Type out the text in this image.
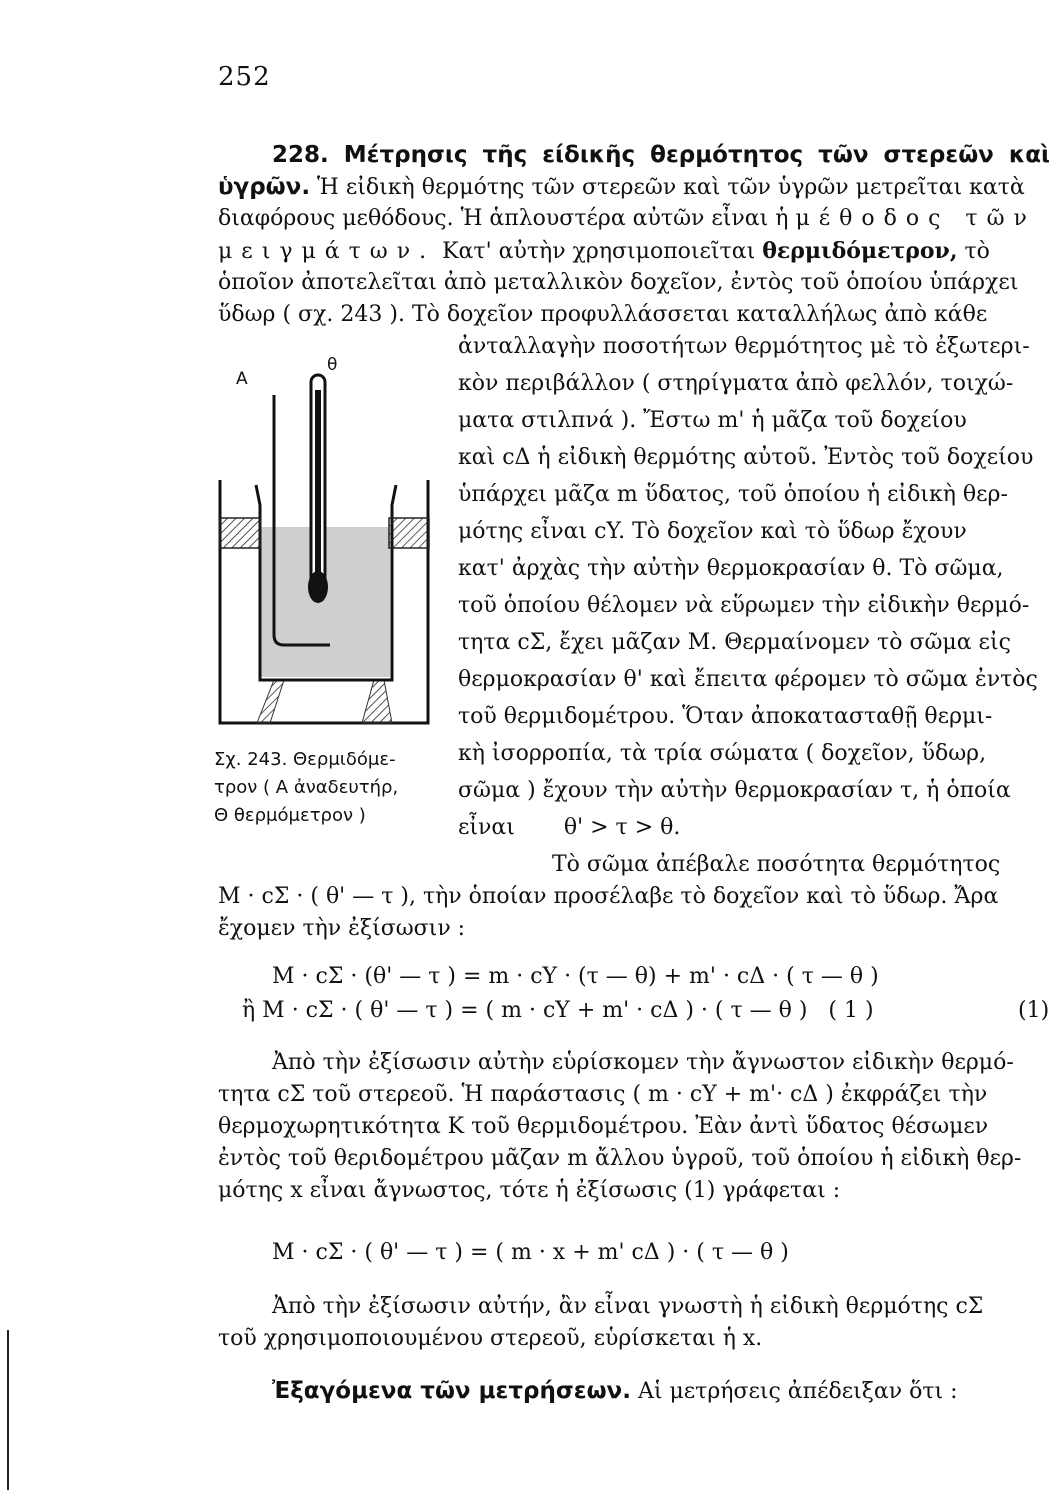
252
228. Μέτρησις τῆς είδικῆς θερμότητος τῶν στερεῶν καὶ
ὑγρῶν. Ἡ εἰδικὴ θερμότης τῶν στερεῶν καὶ τῶν ὑγρῶν μετρεῖται κατὰ
διαφόρους μεθόδους. Ἡ ἁπλουστέρα αὐτῶν εἶναι ἡ μέθοδος τῶν
μειγμάτων. Κατ' αὐτὴν χρησιμοποιεῖται θερμιδόμετρον, τὸ
ὁποῖον ἀποτελεῖται ἀπὸ μεταλλικὸν δοχεῖον, ἐντὸς τοῦ ὁποίου ὑπάρχει
ὕδωρ ( σχ. 243 ). Τὸ δοχεῖον προφυλλάσσεται καταλλήλως ἀπὸ κάθε
A
θ
Σχ. 243. Θερμιδόμε-
τρον ( Α ἀναδευτήρ,
Θ θερμόμετρον )
ἀνταλλαγὴν ποσοτήτων θερμότητος μὲ τὸ ἐξωτερι-
κὸν περιβάλλον ( στηρίγματα ἀπὸ φελλόν, τοιχώ-
ματα στιλπνά ). Ἔστω m' ἡ μᾶζα τοῦ δοχείου
καὶ cΔ ἡ εἰδικὴ θερμότης αὐτοῦ. Ἐντὸς τοῦ δοχείου
ὑπάρχει μᾶζα m ὕδατος, τοῦ ὁποίου ἡ εἰδικὴ θερ-
μότης εἶναι cY. Τὸ δοχεῖον καὶ τὸ ὕδωρ ἔχουν
κατ' ἀρχὰς τὴν αὐτὴν θερμοκρασίαν θ. Τὸ σῶμα,
τοῦ ὁποίου θέλομεν νὰ εὕρωμεν τὴν εἰδικὴν θερμό-
τητα cΣ, ἔχει μᾶζαν M. Θερμαίνομεν τὸ σῶμα εἰς
θερμοκρασίαν θ' καὶ ἔπειτα φέρομεν τὸ σῶμα ἐντὸς
τοῦ θερμιδομέτρου. Ὅταν ἀποκατασταθῇ θερμι-
κὴ ἰσορροπία, τὰ τρία σώματα ( δοχεῖον, ὕδωρ,
σῶμα ) ἔχουν τὴν αὐτὴν θερμοκρασίαν τ, ἡ ὁποία
εἶναι       θ' > τ > θ.
Τὸ σῶμα ἀπέβαλε ποσότητα θερμότητος
M · cΣ · ( θ' — τ ), τὴν ὁποίαν προσέλαβε τὸ δοχεῖον καὶ τὸ ὕδωρ. Ἄρα
ἔχομεν τὴν ἐξίσωσιν :
M · cΣ · (θ' — τ ) = m · cY · (τ — θ) + m' · cΔ · ( τ — θ )
ἢ M · cΣ · ( θ' — τ ) = ( m · cY + m' · cΔ ) · ( τ — θ )   ( 1 )	(1)
Ἀπὸ τὴν ἐξίσωσιν αὐτὴν εὑρίσκομεν τὴν ἄγνωστον εἰδικὴν θερμό-
τητα cΣ τοῦ στερεοῦ. Ἡ παράστασις ( m · cY + m'· cΔ ) ἐκφράζει τὴν
θερμοχωρητικότητα K τοῦ θερμιδομέτρου. Ἐὰν ἀντὶ ὕδατος θέσωμεν
ἐντὸς τοῦ θεριδομέτρου μᾶζαν m ἄλλου ὑγροῦ, τοῦ ὁποίου ἡ εἰδικὴ θερ-
μότης x εἶναι ἄγνωστος, τότε ἡ ἐξίσωσις (1) γράφεται :
M · cΣ · ( θ' — τ ) = ( m · x + m' cΔ ) · ( τ — θ )
Ἀπὸ τὴν ἐξίσωσιν αὐτήν, ἂν εἶναι γνωστὴ ἡ εἰδικὴ θερμότης cΣ
τοῦ χρησιμοποιουμένου στερεοῦ, εὑρίσκεται ἡ x.
Ἐξαγόμενα τῶν μετρήσεων. Αἱ μετρήσεις ἀπέδειξαν ὅτι :
